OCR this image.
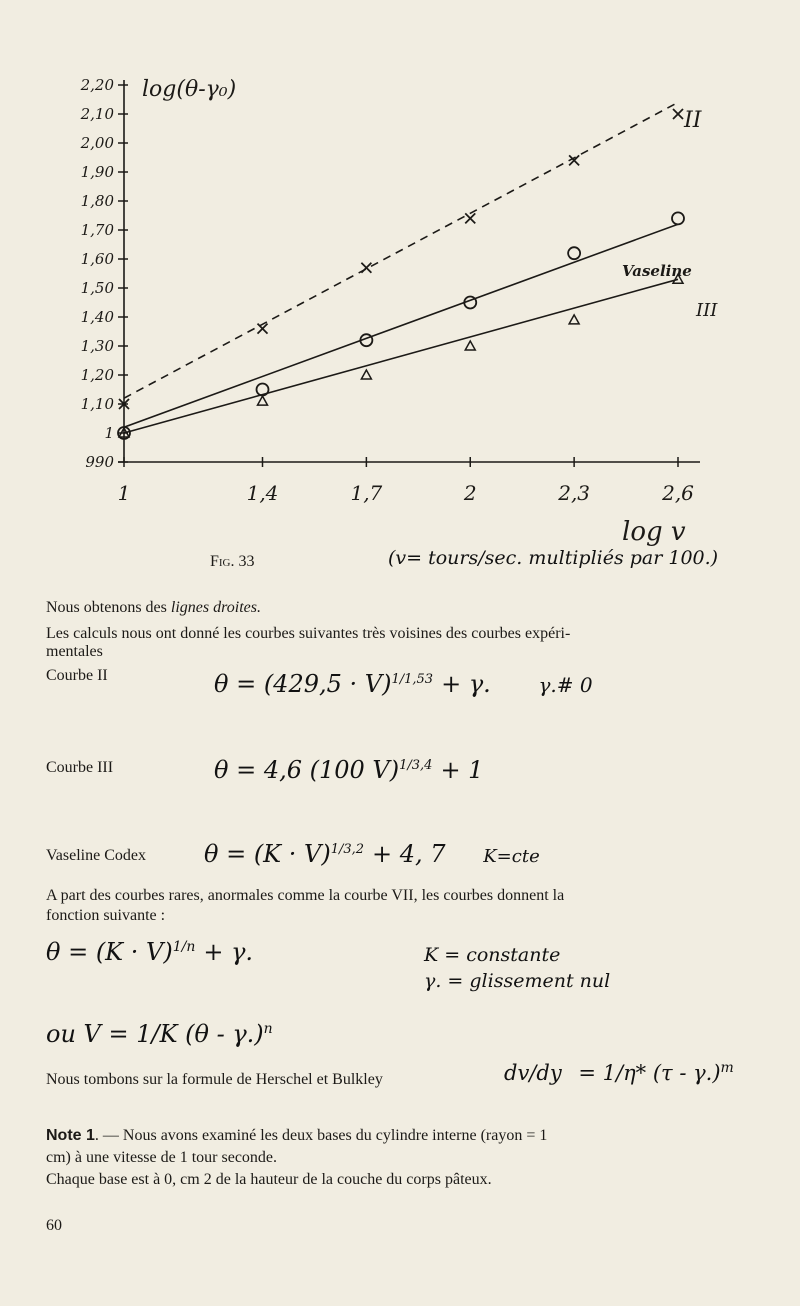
1	1,4	1,7	2	2,3	2,6
990
1
1,10
1,20
1,30
1,40
1,50
1,60
1,70
1,80
1,90
2,00
2,10
2,20 log(θ-γ₀)
log v
II
III
Vaseline
Fig. 33	(v= tours/sec. multipliés par 100.)
Nous obtenons des lignes droites.
Les calculs nous ont donné les courbes suivantes très voisines des courbes expéri-
mentales
Courbe II	$\theta = (429,5 \cdot V)^{1/1,53} + \gamma$. γ.# 0
Courbe III	θ = 4,6 (100 V)$^{1/3,4}$ + 1
Vaseline Codex $\theta = (K \cdot V)^{1/3,2} + 4$, 7 K=cte
A part des courbes rares, anormales comme la courbe VII, les courbes donnent la
fonction suivante :
$\theta = (K \cdot V)^{1/n} + \gamma$.	K = constante
γ. = glissement nul
ou V = 1/K (θ - γ.)$^n$
Nous tombons sur la formule de Herschel et Bulkley	dv/dy = 1/η* (τ - γ.)$^m$
Note 1. — Nous avons examiné les deux bases du cylindre interne (rayon = 1
cm) à une vitesse de 1 tour seconde.
Chaque base est à 0, cm 2 de la hauteur de la couche du corps pâteux.
60
